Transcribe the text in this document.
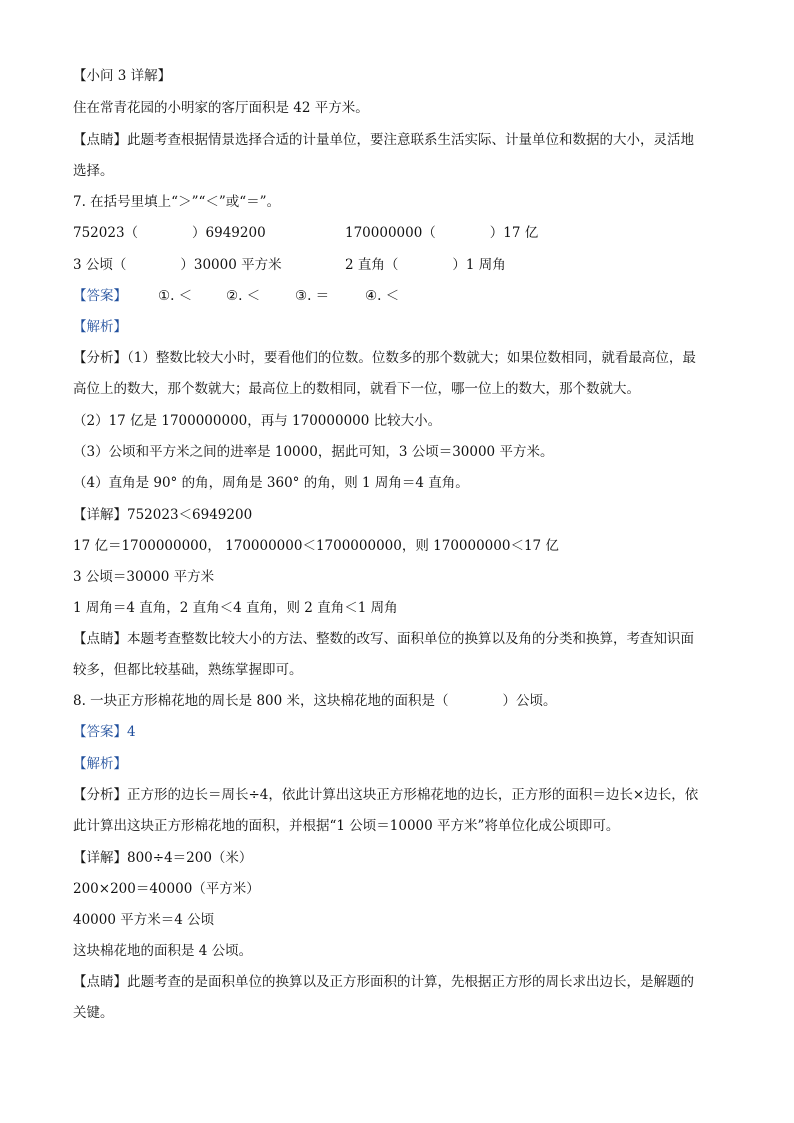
【小问 3 详解】
住在常青花园的小明家的客厅面积是 42 平方米。
【点睛】此题考查根据情景选择合适的计量单位，要注意联系生活实际、计量单位和数据的大小，灵活地
选择。
7. 在括号里填上“＞”“＜”或“＝”。
752023（　　　　）6949200	170000000（　　　　）17 亿
3 公顷（　　　　）30000 平方米	2 直角（　　　　）1 周角
【答案】 ①. ＜	②. ＜	③. ＝	④. ＜
【解析】
【分析】（1）整数比较大小时，要看他们的位数。位数多的那个数就大；如果位数相同，就看最高位，最
高位上的数大，那个数就大；最高位上的数相同，就看下一位，哪一位上的数大，那个数就大。
（2）17 亿是 1700000000，再与 170000000 比较大小。
（3）公顷和平方米之间的进率是 10000，据此可知，3 公顷＝30000 平方米。
（4）直角是 90° 的角，周角是 360° 的角，则 1 周角＝4 直角。
【详解】752023＜6949200
17 亿＝1700000000， 170000000＜1700000000，则 170000000＜17 亿
3 公顷＝30000 平方米
1 周角＝4 直角，2 直角＜4 直角，则 2 直角＜1 周角
【点睛】本题考查整数比较大小的方法、整数的改写、面积单位的换算以及角的分类和换算，考查知识面
较多，但都比较基础，熟练掌握即可。
8. 一块正方形棉花地的周长是 800 米，这块棉花地的面积是（　　　　）公顷。
【答案】4
【解析】
【分析】正方形的边长＝周长÷4，依此计算出这块正方形棉花地的边长，正方形的面积＝边长×边长，依
此计算出这块正方形棉花地的面积，并根据“1 公顷＝10000 平方米”将单位化成公顷即可。
【详解】800÷4＝200（米）
200×200＝40000（平方米）
40000 平方米＝4 公顷
这块棉花地的面积是 4 公顷。
【点睛】此题考查的是面积单位的换算以及正方形面积的计算，先根据正方形的周长求出边长，是解题的
关键。
